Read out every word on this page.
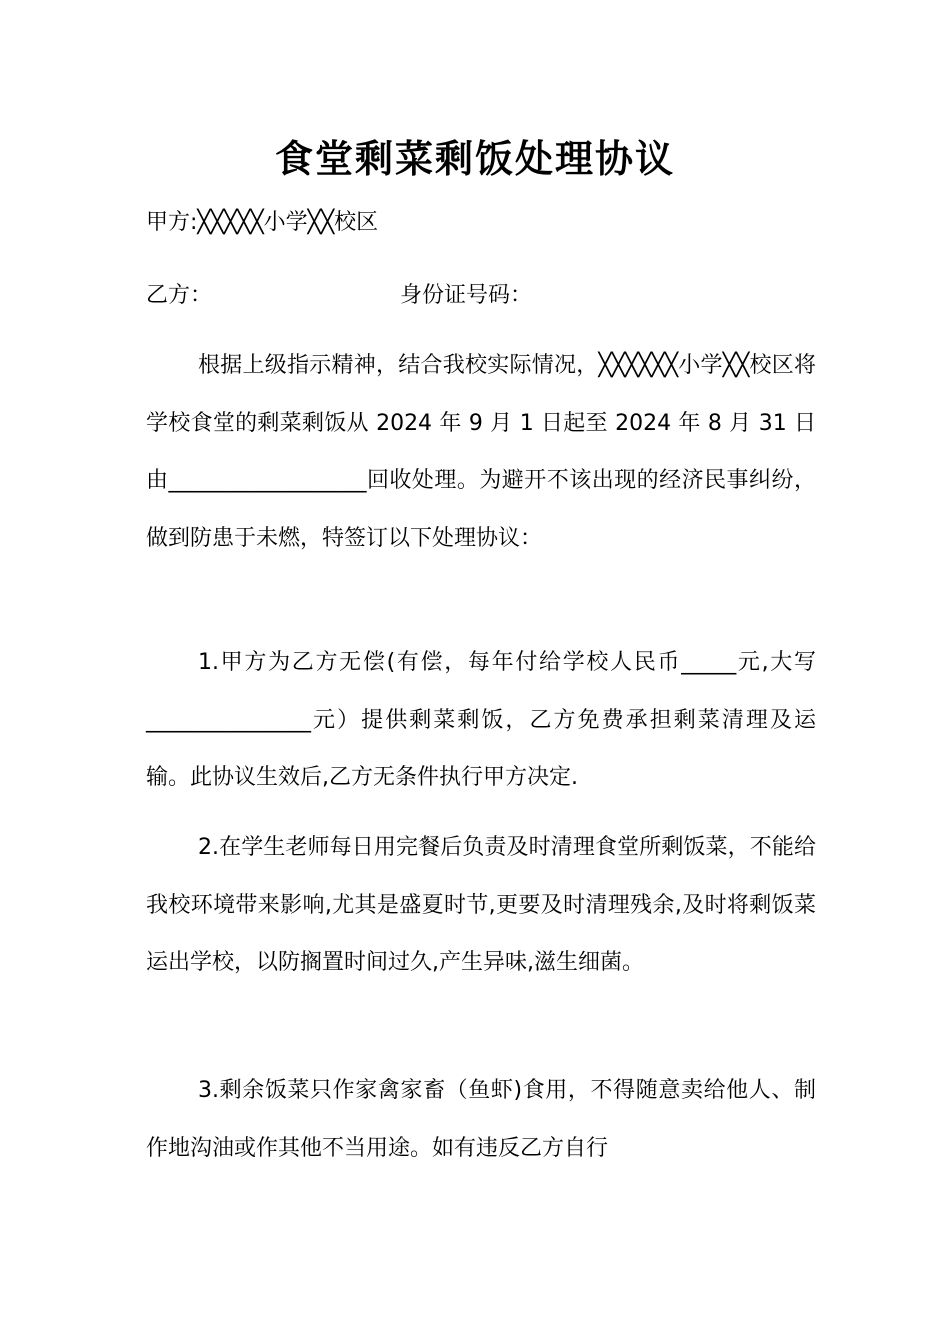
食堂剩菜剩饭处理协议
甲方:╳╳╳╳╳小学╳╳校区
乙方：	身份证号码：

根据上级指示精神，结合我校实际情况，╳╳╳╳╳╳小学╳╳校区将学校食堂的剩菜剩饭从 2024 年 9 月 1 日起至 2024 年 8 月 31 日由__________________回收处理。为避开不该出现的经济民事纠纷，做到防患于未燃，特签订以下处理协议：

1.甲方为乙方无偿(有偿，每年付给学校人民币_____元,大写_______________元）提供剩菜剩饭，乙方免费承担剩菜清理及运输。此协议生效后,乙方无条件执行甲方决定.

2.在学生老师每日用完餐后负责及时清理食堂所剩饭菜，不能给我校环境带来影响,尤其是盛夏时节,更要及时清理残余,及时将剩饭菜运出学校，以防搁置时间过久,产生异味,滋生细菌。

3.剩余饭菜只作家禽家畜（鱼虾)食用，不得随意卖给他人、制作地沟油或作其他不当用途。如有违反乙方自行
